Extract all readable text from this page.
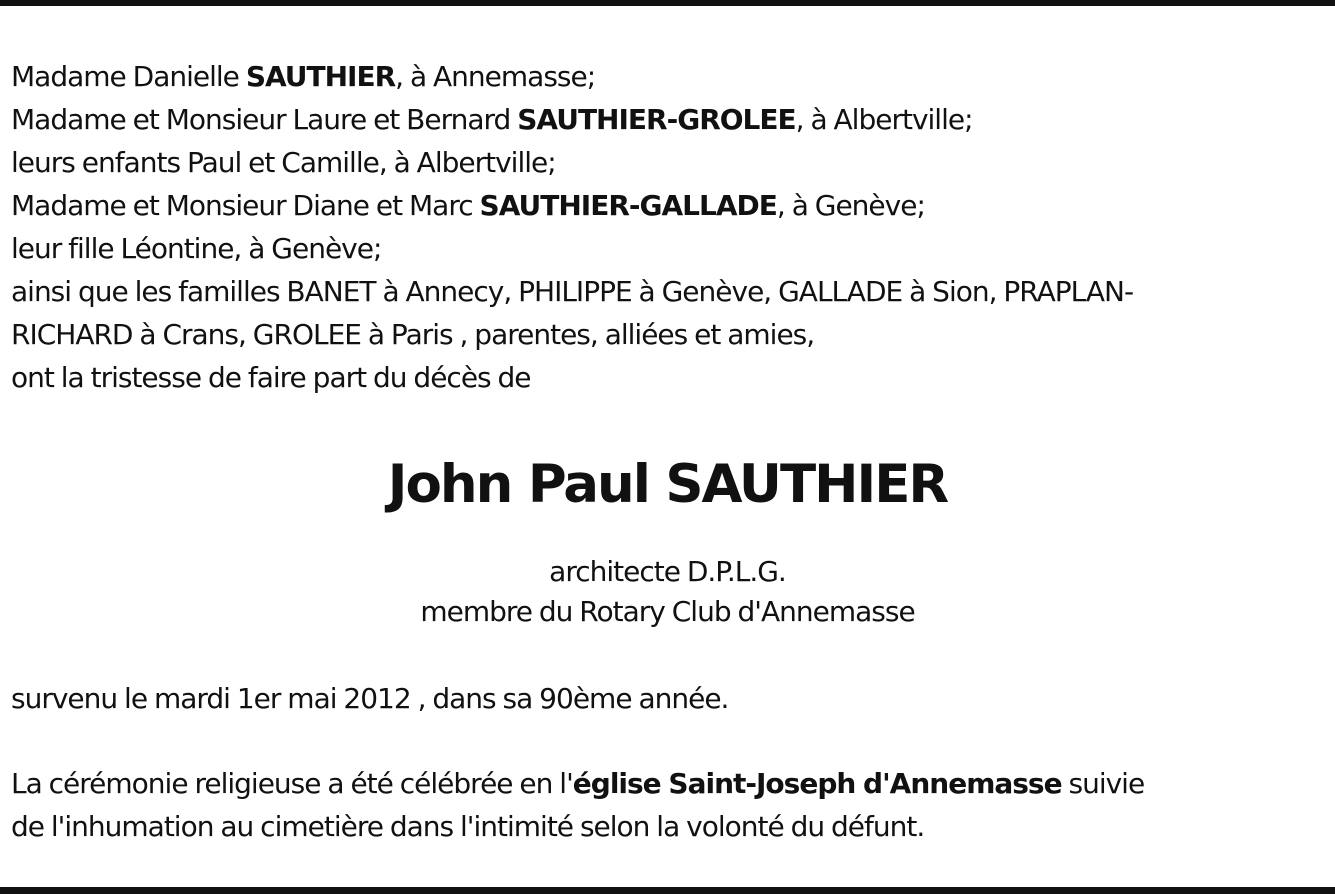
Madame Danielle SAUTHIER, à Annemasse;
Madame et Monsieur Laure et Bernard SAUTHIER-GROLEE, à Albertville;
leurs enfants Paul et Camille, à Albertville;
Madame et Monsieur Diane et Marc SAUTHIER-GALLADE, à Genève;
leur fille Léontine, à Genève;
ainsi que les familles BANET à Annecy, PHILIPPE à Genève, GALLADE à Sion, PRAPLAN-
RICHARD à Crans, GROLEE à Paris , parentes, alliées et amies,
ont la tristesse de faire part du décès de
John Paul SAUTHIER
architecte D.P.L.G.
membre du Rotary Club d'Annemasse
survenu le mardi 1er mai 2012 , dans sa 90ème année.
La cérémonie religieuse a été célébrée en l'église Saint-Joseph d'Annemasse suivie
de l'inhumation au cimetière dans l'intimité selon la volonté du défunt.
